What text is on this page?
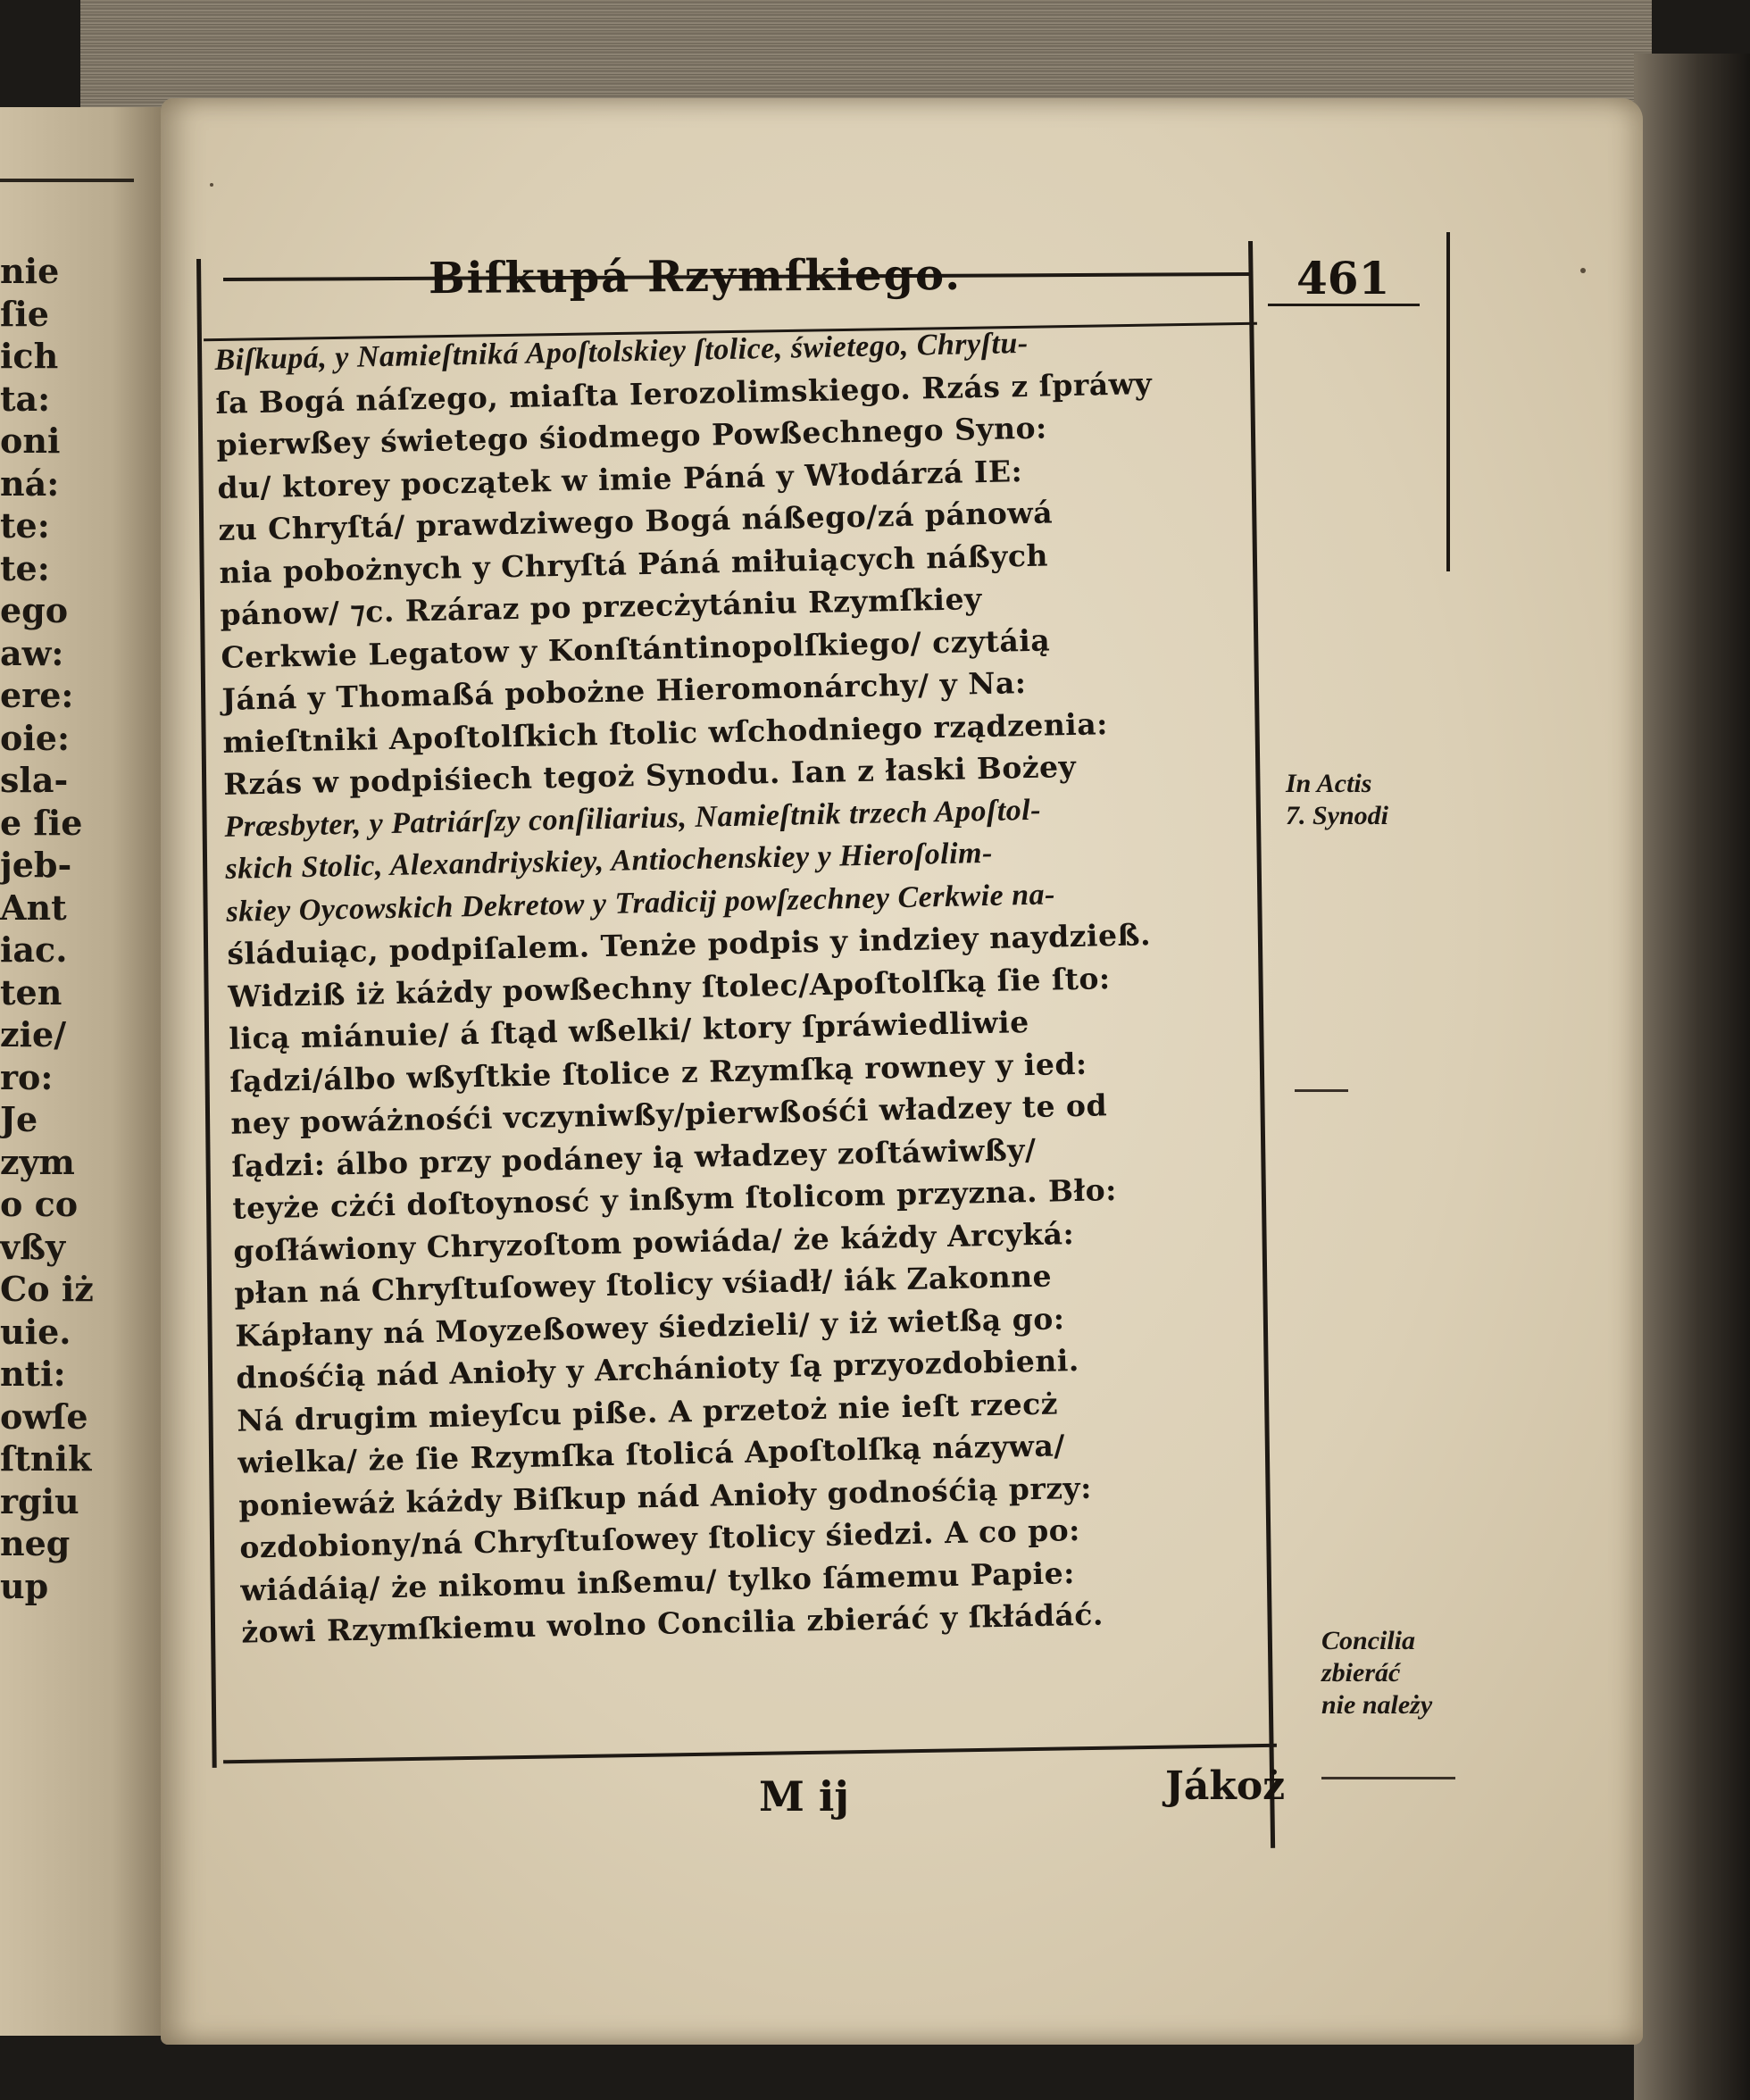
nie
ſie
ich
ta:
oni
ná:
te:
te:
ego
aw:
ere:
oie:
sla-
e ſie
jeb-
Ant
iac.
ten
zie/
ro:
Je
zym
o co
vßy
Co iż
uie.
nti:
owſe
ſtnik
rgiu
neg
up
Biſkupá Rzymſkiego.	461
Biſkupá, y Namieſtniká Apoſtolskiey ſtolice, świetego, Chryſtu-
ſa Bogá náſzego, miaſta Ierozolimskiego. Rzás z ſpráwy
pierwßey świetego śiodmego Powßechnego Syno:
du/ ktorey początek w imie Páná y Włodárzá IE:
zu Chryſtá/ prawdziwego Bogá náßego/zá pánowá
nia pobożnych y Chryſtá Páná miłuiących náßych
pánow/ ⁊c. Rzáraz po przecżytániu Rzymſkiey
Cerkwie Legatow y Konſtántinopolſkiego/ czytáią
Jáná y Thomaßá pobożne Hieromonárchy/ y Na:
mieſtniki Apoſtolſkich ſtolic wſchodniego rządzenia:
Rzás w podpiśiech tegoż Synodu. Ian z łaski Bożey
Præsbyter, y Patriárſzy conſiliarius, Namieſtnik trzech Apoſtol-
skich Stolic, Alexandriyskiey, Antiochenskiey y Hieroſolim-
skiey Oycowskich Dekretow y Tradicij powſzechney Cerkwie na-
śláduiąc, podpiſalem. Tenże podpis y indziey naydzieß.
Widziß iż káżdy powßechny ſtolec/Apoſtolſką ſie ſto:
licą miánuie/ á ſtąd wßelki/ ktory ſpráwiedliwie
ſądzi/álbo wßyſtkie ſtolice z Rzymſką rowney y ied:
ney powáżnośći vczyniwßy/pierwßośći władzey te od
ſądzi: álbo przy podáney ią władzey zoſtáwiwßy/
teyże cżći doſtoynosć y inßym ſtolicom przyzna. Bło:
goſłáwiony Chryzoſtom powiáda/ że káżdy Arcyká:
płan ná Chryſtuſowey ſtolicy vśiadł/ iák Zakonne
Kápłany ná Moyzeßowey śiedzieli/ y iż wietßą go:
dnośćią nád Anioły y Archánioty ſą przyozdobieni.
Ná drugim mieyſcu piße. A przetoż nie ieſt rzecż
wielka/ że ſie Rzymſka ſtolicá Apoſtolſką názywa/
poniewáż káżdy Biſkup nád Anioły godnośćią przy:
ozdobiony/ná Chryſtuſowey ſtolicy śiedzi. A co po:
wiádáią/ że nikomu inßemu/ tylko ſámemu Papie:
żowi Rzymſkiemu wolno Concilia zbieráć y ſkłádáć.
In Actis
7. Synodi
Concilia
zbieráć
nie należy
M ij	Jákoż
